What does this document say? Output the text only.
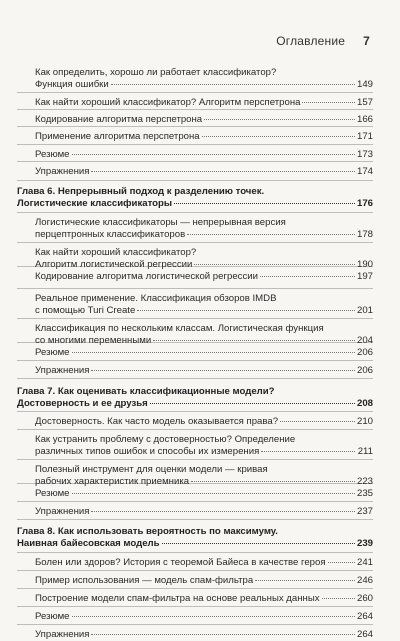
Оглавление 7
Как определить, хорошо ли работает классификатор?
Функция ошибки	149
Как найти хороший классификатор? Алгоритм перспетрона	157
Кодирование алгоритма перспетрона	166
Применение алгоритма перспетрона	171
Резюме	173
Упражнения	174
Глава 6. Непрерывный подход к разделению точек.
Логистические классификаторы	176
Логистические классификаторы — непрерывная версия
перцептронных классификаторов	178
Как найти хороший классификатор?
Алгоритм логистической регрессии	190
Кодирование алгоритма логистической регрессии	197
Реальное применение. Классификация обзоров IMDB
с помощью Turi Create	201
Классификация по нескольким классам. Логистическая функция
со многими переменными	204
Резюме	206
Упражнения	206
Глава 7. Как оценивать классификационные модели?
Достоверность и ее друзья	208
Достоверность. Как часто модель оказывается права?	210
Как устранить проблему с достоверностью? Определение
различных типов ошибок и способы их измерения	211
Полезный инструмент для оценки модели — кривая
рабочих характеристик приемника	223
Резюме	235
Упражнения	237
Глава 8. Как использовать вероятность по максимуму.
Наивная байесовская модель	239
Болен или здоров? История с теоремой Байеса в качестве героя	241
Пример использования — модель спам-фильтра	246
Построение модели спам-фильтра на основе реальных данных	260
Резюме	264
Упражнения	264
